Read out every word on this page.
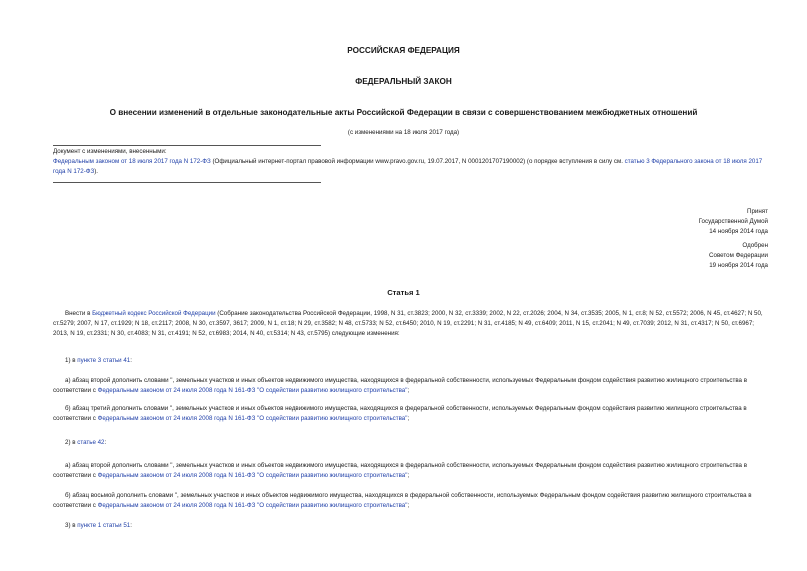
РОССИЙСКАЯ ФЕДЕРАЦИЯ
ФЕДЕРАЛЬНЫЙ ЗАКОН
О внесении изменений в отдельные законодательные акты Российской Федерации в связи с совершенствованием межбюджетных отношений
(с изменениями на 18 июля 2017 года)
Документ с изменениями, внесенными:
Федеральным законом от 18 июля 2017 года N 172-ФЗ (Официальный интернет-портал правовой информации www.pravo.gov.ru, 19.07.2017, N 0001201707190002) (о порядке вступления в силу см. статью 3 Федерального закона от 18 июля 2017 года N 172-ФЗ).
Принят
Государственной Думой
14 ноября 2014 года
Одобрен
Советом Федерации
19 ноября 2014 года
Статья 1
Внести в Бюджетный кодекс Российской Федерации (Собрание законодательства Российской Федерации, 1998, N 31, ст.3823; 2000, N 32, ст.3339; 2002, N 22, ст.2026; 2004, N 34, ст.3535; 2005, N 1, ст.8; N 52, ст.5572; 2006, N 45, ст.4627; N 50, ст.5279; 2007, N 17, ст.1929; N 18, ст.2117; 2008, N 30, ст.3597, 3617; 2009, N 1, ст.18; N 29, ст.3582; N 48, ст.5733; N 52, ст.6450; 2010, N 19, ст.2291; N 31, ст.4185; N 49, ст.6409; 2011, N 15, ст.2041; N 49, ст.7039; 2012, N 31, ст.4317; N 50, ст.6967; 2013, N 19, ст.2331; N 30, ст.4083; N 31, ст.4191; N 52, ст.6983; 2014, N 40, ст.5314; N 43, ст.5795) следующие изменения:
1) в пункте 3 статьи 41:
а) абзац второй дополнить словами ", земельных участков и иных объектов недвижимого имущества, находящихся в федеральной собственности, используемых Федеральным фондом содействия развитию жилищного строительства в соответствии с Федеральным законом от 24 июля 2008 года N 161-ФЗ "О содействии развитию жилищного строительства";
б) абзац третий дополнить словами ", земельных участков и иных объектов недвижимого имущества, находящихся в федеральной собственности, используемых Федеральным фондом содействия развитию жилищного строительства в соответствии с Федеральным законом от 24 июля 2008 года N 161-ФЗ "О содействии развитию жилищного строительства";
2) в статье 42:
а) абзац второй дополнить словами ", земельных участков и иных объектов недвижимого имущества, находящихся в федеральной собственности, используемых Федеральным фондом содействия развитию жилищного строительства в соответствии с Федеральным законом от 24 июля 2008 года N 161-ФЗ "О содействии развитию жилищного строительства";
б) абзац восьмой дополнить словами ", земельных участков и иных объектов недвижимого имущества, находящихся в федеральной собственности, используемых Федеральным фондом содействия развитию жилищного строительства в соответствии с Федеральным законом от 24 июля 2008 года N 161-ФЗ "О содействии развитию жилищного строительства";
3) в пункте 1 статьи 51:
